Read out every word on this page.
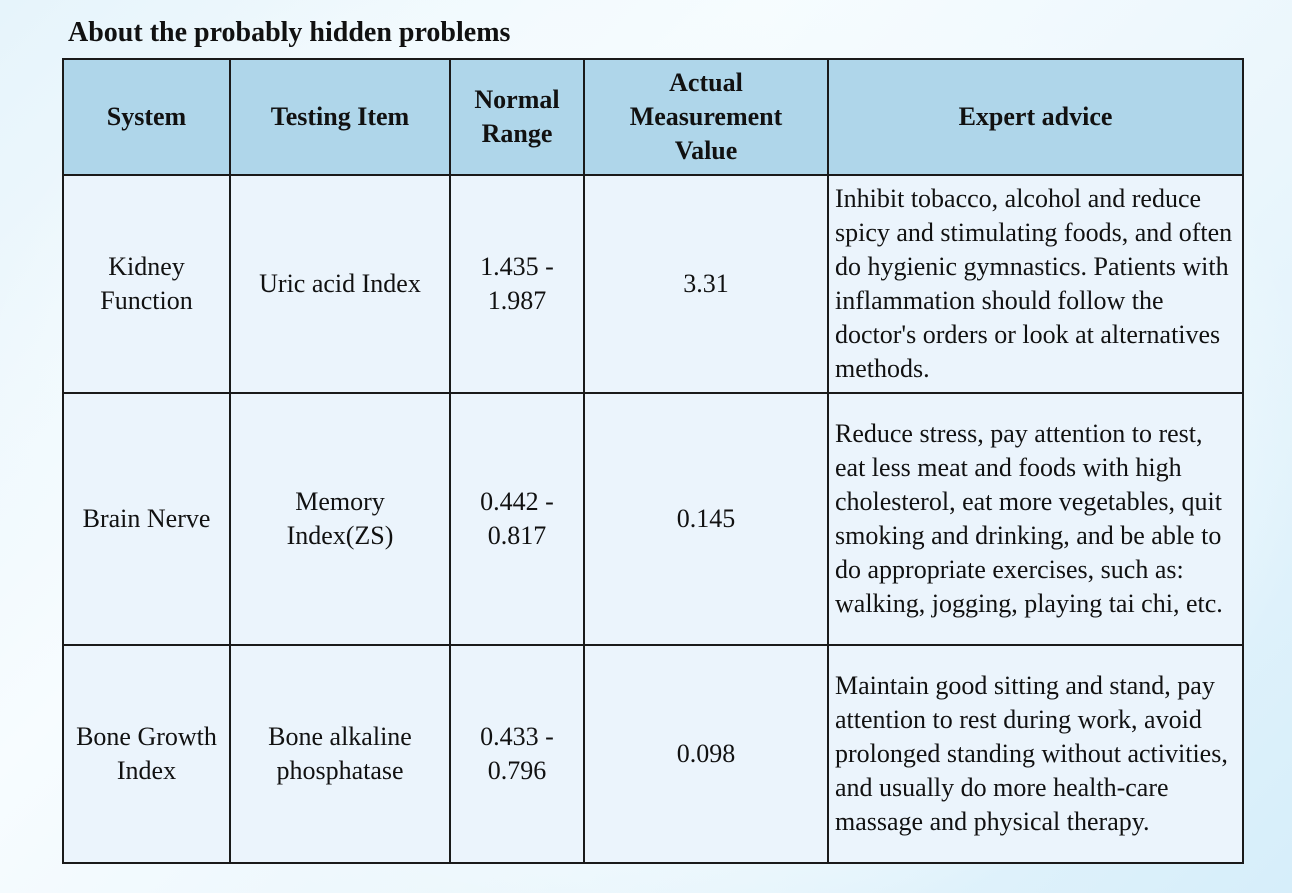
About the probably hidden problems
System	Testing Item	Normal Range	Actual Measurement Value	Expert advice
Kidney Function	Uric acid Index	1.435 - 1.987	3.31	Inhibit tobacco, alcohol and reduce spicy and stimulating foods, and often do hygienic gymnastics. Patients with inflammation should follow the doctor's orders or look at alternatives methods.
Brain Nerve	Memory Index(ZS)	0.442 - 0.817	0.145	Reduce stress, pay attention to rest, eat less meat and foods with high cholesterol, eat more vegetables, quit smoking and drinking, and be able to do appropriate exercises, such as: walking, jogging, playing tai chi, etc.
Bone Growth Index	Bone alkaline phosphatase	0.433 - 0.796	0.098	Maintain good sitting and stand, pay attention to rest during work, avoid prolonged standing without activities, and usually do more health-care massage and physical therapy.
